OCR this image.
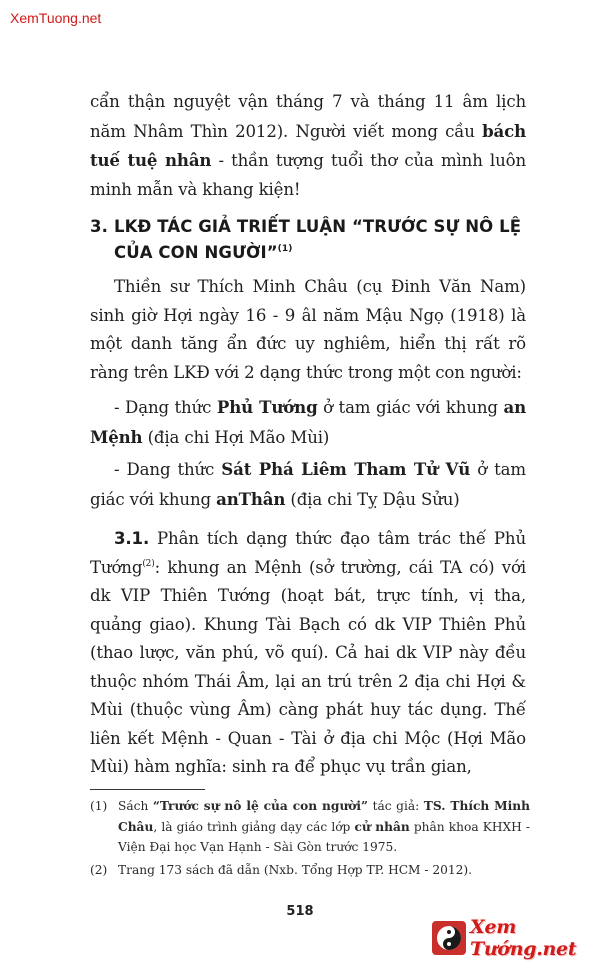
XemTuong.net

cẩn thận nguyệt vận tháng 7 và tháng 11 âm lịch năm Nhâm Thìn 2012). Người viết mong cầu bách tuế tuệ nhân - thần tượng tuổi thơ của mình luôn minh mẫn và khang kiện!

3. LKĐ TÁC GIẢ TRIẾT LUẬN “TRƯỚC SỰ NÔ LỆ
CỦA CON NGƯỜI”$^{(1)}$

Thiền sư Thích Minh Châu (cụ Đinh Văn Nam) sinh giờ Hợi ngày 16 - 9 âl năm Mậu Ngọ (1918) là một danh tăng ẩn đức uy nghiêm, hiển thị rất rõ ràng trên LKĐ với 2 dạng thức trong một con người:

- Dạng thức Phủ Tướng ở tam giác với khung an Mệnh (địa chi Hợi Mão Mùi)

- Dang thức Sát Phá Liêm Tham Tử Vũ ở tam giác với khung anThân (địa chi Tỵ Dậu Sửu)

3.1. Phân tích dạng thức đạo tâm trác thế Phủ Tướng$^{(2)}$: khung an Mệnh (sở trường, cái TA có) với dk VIP Thiên Tướng (hoạt bát, trực tính, vị tha, quảng giao). Khung Tài Bạch có dk VIP Thiên Phủ (thao lược, văn phú, võ quí). Cả hai dk VIP này đều thuộc nhóm Thái Âm, lại an trú trên 2 địa chi Hợi & Mùi (thuộc vùng Âm) càng phát huy tác dụng. Thế liên kết Mệnh - Quan - Tài ở địa chi Mộc (Hợi Mão Mùi) hàm nghĩa: sinh ra để phục vụ trần gian,

(1) Sách “Trước sự nô lệ của con người” tác giả: TS. Thích Minh Châu, là giáo trình giảng dạy các lớp cử nhân phân khoa KHXH - Viện Đại học Vạn Hạnh - Sài Gòn trước 1975.

(2) Trang 173 sách đã dẫn (Nxb. Tổng Hợp TP. HCM - 2012).

518
Xem Tướng.net
